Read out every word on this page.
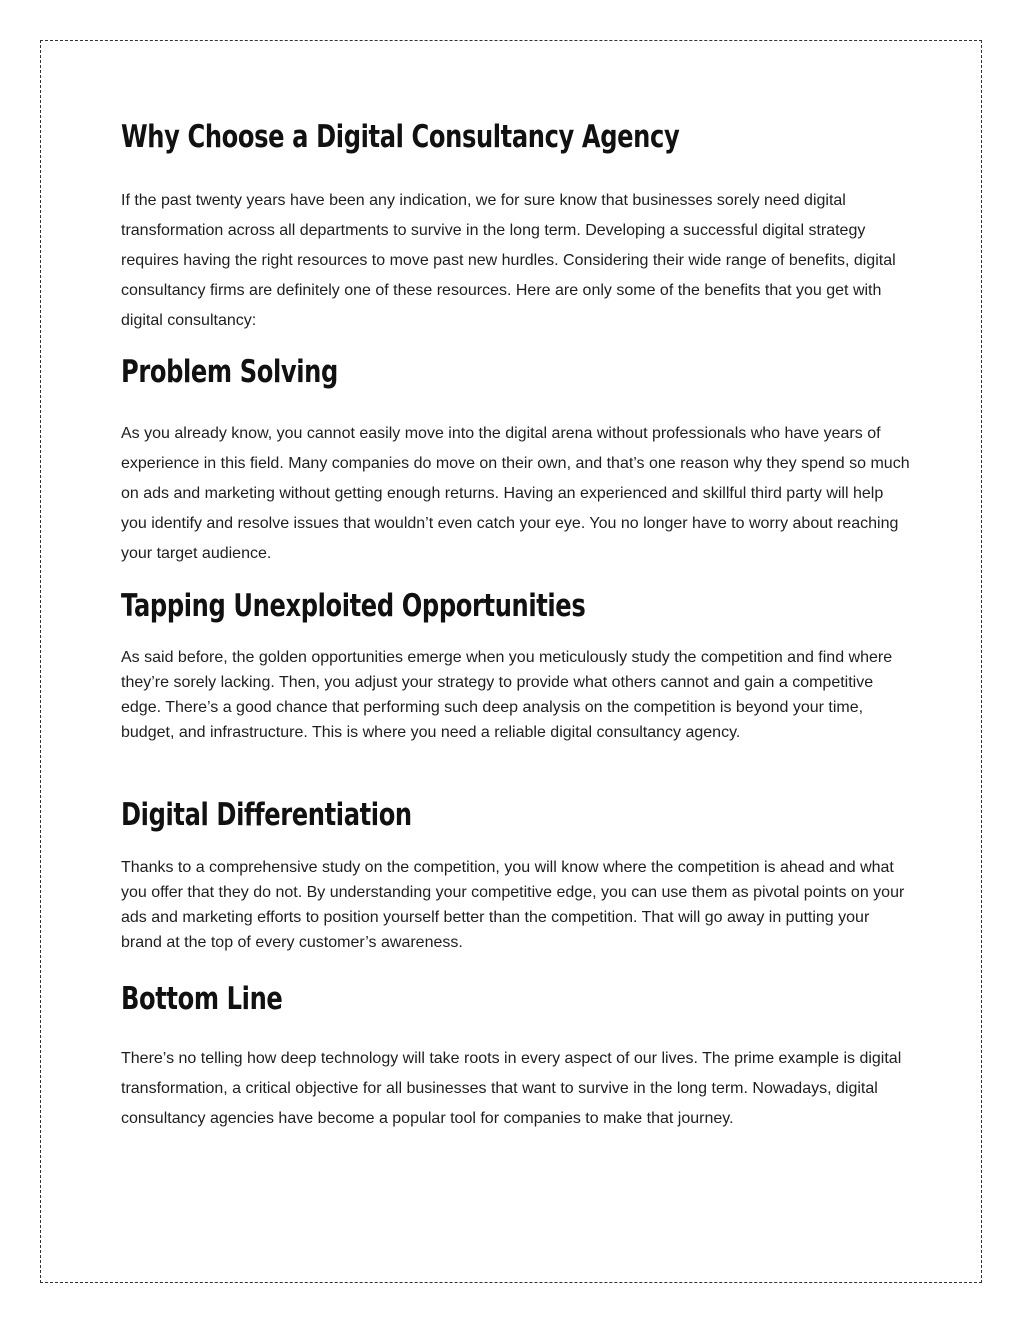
Why Choose a Digital Consultancy Agency

If the past twenty years have been any indication, we for sure know that businesses sorely need digital transformation across all departments to survive in the long term. Developing a successful digital strategy requires having the right resources to move past new hurdles. Considering their wide range of benefits, digital consultancy firms are definitely one of these resources. Here are only some of the benefits that you get with digital consultancy:

Problem Solving

As you already know, you cannot easily move into the digital arena without professionals who have years of experience in this field. Many companies do move on their own, and that’s one reason why they spend so much on ads and marketing without getting enough returns. Having an experienced and skillful third party will help you identify and resolve issues that wouldn’t even catch your eye. You no longer have to worry about reaching your target audience.

Tapping Unexploited Opportunities

As said before, the golden opportunities emerge when you meticulously study the competition and find where they’re sorely lacking. Then, you adjust your strategy to provide what others cannot and gain a competitive edge. There’s a good chance that performing such deep analysis on the competition is beyond your time, budget, and infrastructure. This is where you need a reliable digital consultancy agency.

Digital Differentiation

Thanks to a comprehensive study on the competition, you will know where the competition is ahead and what you offer that they do not. By understanding your competitive edge, you can use them as pivotal points on your ads and marketing efforts to position yourself better than the competition. That will go away in putting your brand at the top of every customer’s awareness.

Bottom Line

There’s no telling how deep technology will take roots in every aspect of our lives. The prime example is digital transformation, a critical objective for all businesses that want to survive in the long term. Nowadays, digital consultancy agencies have become a popular tool for companies to make that journey.
